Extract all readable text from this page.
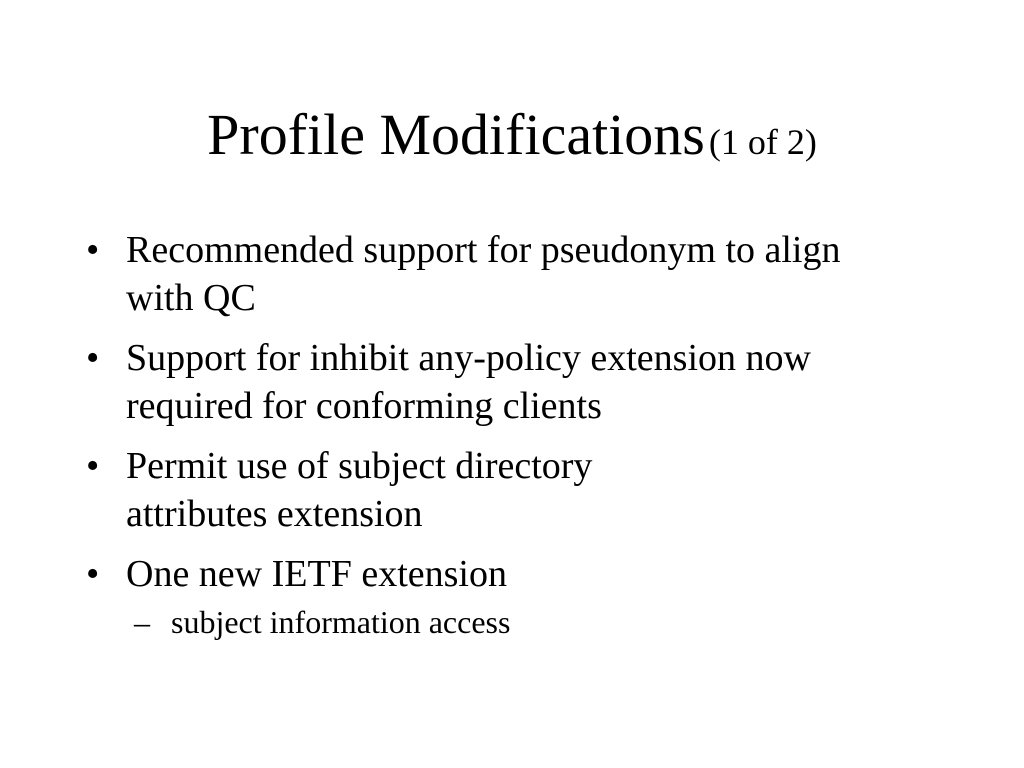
Profile Modifications (1 of 2)
• Recommended support for pseudonym to align with QC
• Support for inhibit any-policy extension now required for conforming clients
• Permit use of subject directory attributes extension
• One new IETF extension
– subject information access
